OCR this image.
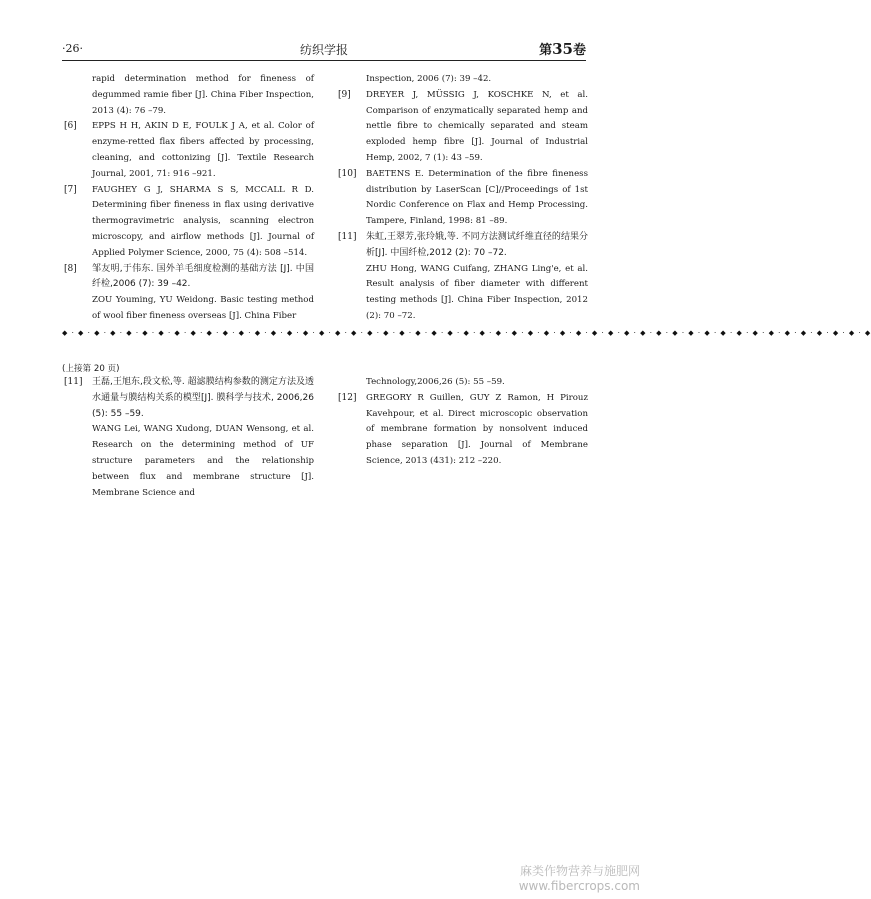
·26·	纺织学报	第35卷

rapid determination method for fineness of degummed ramie fiber [J]. China Fiber Inspection, 2013 (4): 76 –79.

[6] EPPS H H, AKIN D E, FOULK J A, et al. Color of enzyme-retted flax fibers affected by processing, cleaning, and cottonizing [J]. Textile Research Journal, 2001, 71: 916 –921.

[7] FAUGHEY G J, SHARMA S S, MCCALL R D. Determining fiber fineness in flax using derivative thermogravimetric analysis, scanning electron microscopy, and airflow methods [J]. Journal of Applied Polymer Science, 2000, 75 (4): 508 –514.

[8] 邹友明,于伟东. 国外羊毛细度检测的基础方法 [J]. 中国纤检,2006 (7): 39 –42.

ZOU Youming, YU Weidong. Basic testing method of wool fiber fineness overseas [J]. China Fiber

Inspection, 2006 (7): 39 –42.

[9] DREYER J, MÜSSIG J, KOSCHKE N, et al. Comparison of enzymatically separated hemp and nettle fibre to chemically separated and steam exploded hemp fibre [J]. Journal of Industrial Hemp, 2002, 7 (1): 43 –59.

[10] BAETENS E. Determination of the fibre fineness distribution by LaserScan [C]//Proceedings of 1st Nordic Conference on Flax and Hemp Processing. Tampere, Finland, 1998: 81 –89.

[11] 朱虹,王翠芳,张玲娥,等. 不同方法测试纤维直径的结果分析[J]. 中国纤检,2012 (2): 70 –72.

ZHU Hong, WANG Cuifang, ZHANG Ling'e, et al. Result analysis of fiber diameter with different testing methods [J]. China Fiber Inspection, 2012 (2): 70 –72.

◆ · ◆ · ◆ · ◆ · ◆ · ◆ · ◆ · ◆ · ◆ · ◆ · ◆ · ◆ · ◆ · ◆ · ◆ · ◆ · ◆ · ◆ · ◆ · ◆ · ◆ · ◆ · ◆ · ◆ · ◆ · ◆ · ◆ · ◆ · ◆ · ◆ · ◆ · ◆ · ◆ · ◆ · ◆ · ◆ · ◆ · ◆ · ◆ · ◆ · ◆ · ◆ · ◆ · ◆ · ◆ · ◆ · ◆ · ◆ · ◆ · ◆ · ◆
(上接第 20 页)
[11] 王磊,王旭东,段文松,等. 超滤膜结构参数的测定方法及透水通量与膜结构关系的模型[J]. 膜科学与技术, 2006,26 (5): 55 –59.

WANG Lei, WANG Xudong, DUAN Wensong, et al. Research on the determining method of UF structure parameters and the relationship between flux and membrane structure [J]. Membrane Science and

Technology,2006,26 (5): 55 –59.

[12] GREGORY R Guillen, GUY Z Ramon, H Pirouz Kavehpour, et al. Direct microscopic observation of membrane formation by nonsolvent induced phase separation [J]. Journal of Membrane Science, 2013 (431): 212 –220.

麻类作物营养与施肥网
www.fibercrops.com
